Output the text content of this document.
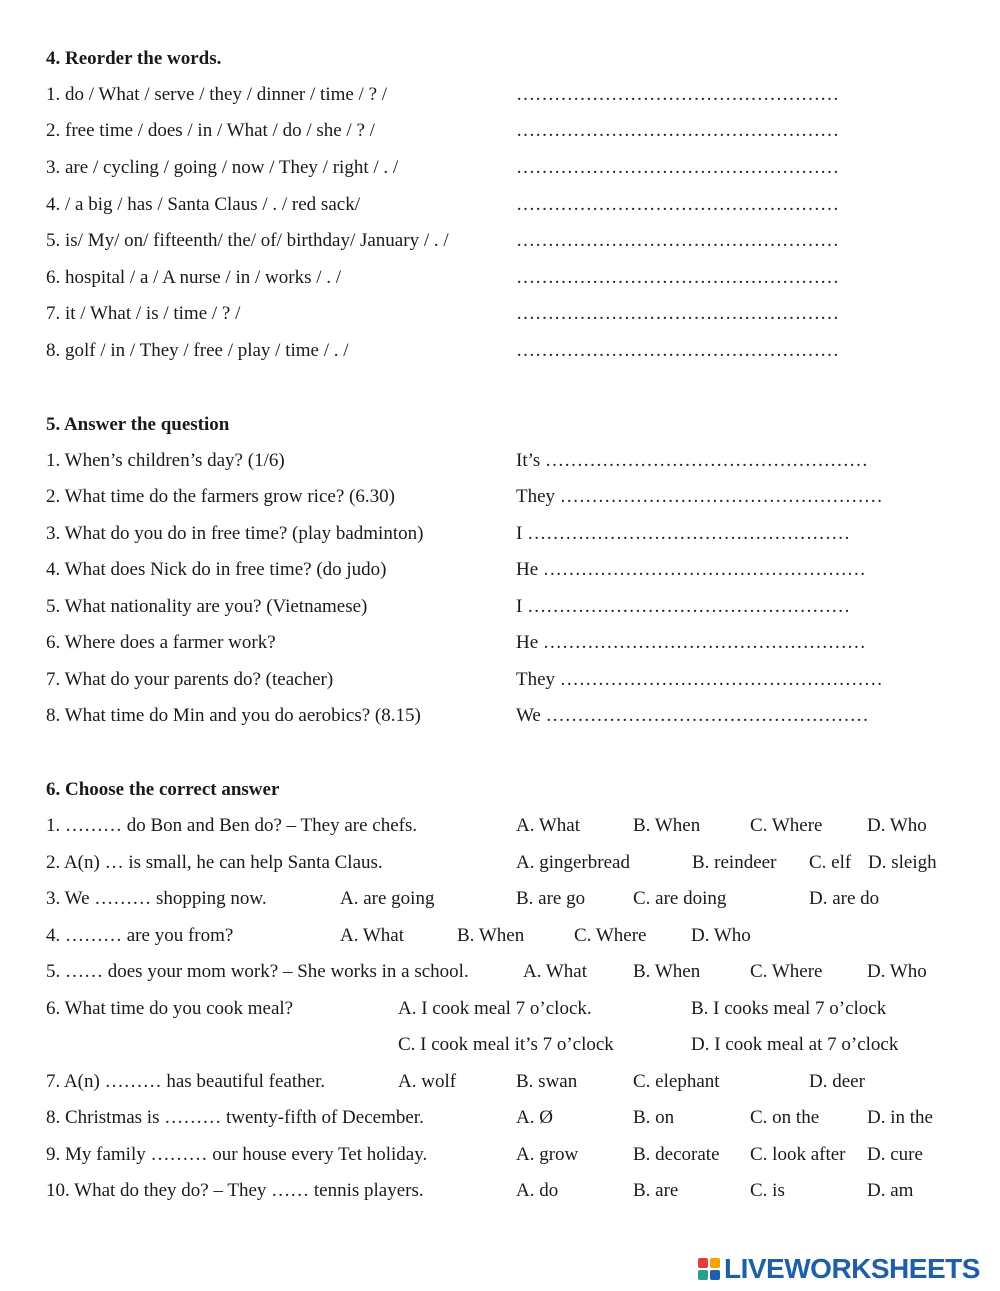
4. Reorder the words.
1. do / What / serve / they / dinner / time / ? /	……………………………………………
2. free time / does / in / What / do / she / ? /	……………………………………………
3. are / cycling / going / now / They / right / . /	……………………………………………
4. / a big / has / Santa Claus / . / red sack/	……………………………………………
5. is/ My/ on/ fifteenth/ the/ of/ birthday/ January / . /	……………………………………………
6. hospital / a / A nurse / in / works / . /	……………………………………………
7. it / What / is / time / ? /	……………………………………………
8. golf / in / They / free / play / time / . /	……………………………………………
5. Answer the question
1. When’s children’s day? (1/6)	It’s ……………………………………………
2. What time do the farmers grow rice? (6.30)	They ……………………………………………
3. What do you do in free time? (play badminton)	I ……………………………………………
4. What does Nick do in free time? (do judo)	He ……………………………………………
5. What nationality are you? (Vietnamese)	I ……………………………………………
6. Where does a farmer work?	He ……………………………………………
7. What do your parents do? (teacher)	They ……………………………………………
8. What time do Min and you do aerobics? (8.15)	We ……………………………………………
6. Choose the correct answer
1. ……… do Bon and Ben do? – They are chefs.	A. What	B. When	C. Where D. Who
2. A(n) … is small, he can help Santa Claus.	A. gingerbread	B. reindeer C. elf D. sleigh
3. We ……… shopping now.	A. are going	B. are go	C. are doing	D. are do
4. ……… are you from?	A. What	B. When	C. Where D. Who
5. …… does your mom work? – She works in a school.	A. What B. When	C. Where D. Who
6. What time do you cook meal?	A. I cook meal 7 o’clock.	B. I cooks meal 7 o’clock
C. I cook meal it’s 7 o’clock	D. I cook meal at 7 o’clock
7. A(n) ……… has beautiful feather.	A. wolf	B. swan	C. elephant	D. deer
8. Christmas is ……… twenty-fifth of December.	A. Ø	B. on	C. on the	D. in the
9. My family ……… our house every Tet holiday.	A. grow	B. decorate C. look after D. cure
10. What do they do? – They …… tennis players.	A. do	B. are	C. is	D. am
LIVEWORKSHEETS
